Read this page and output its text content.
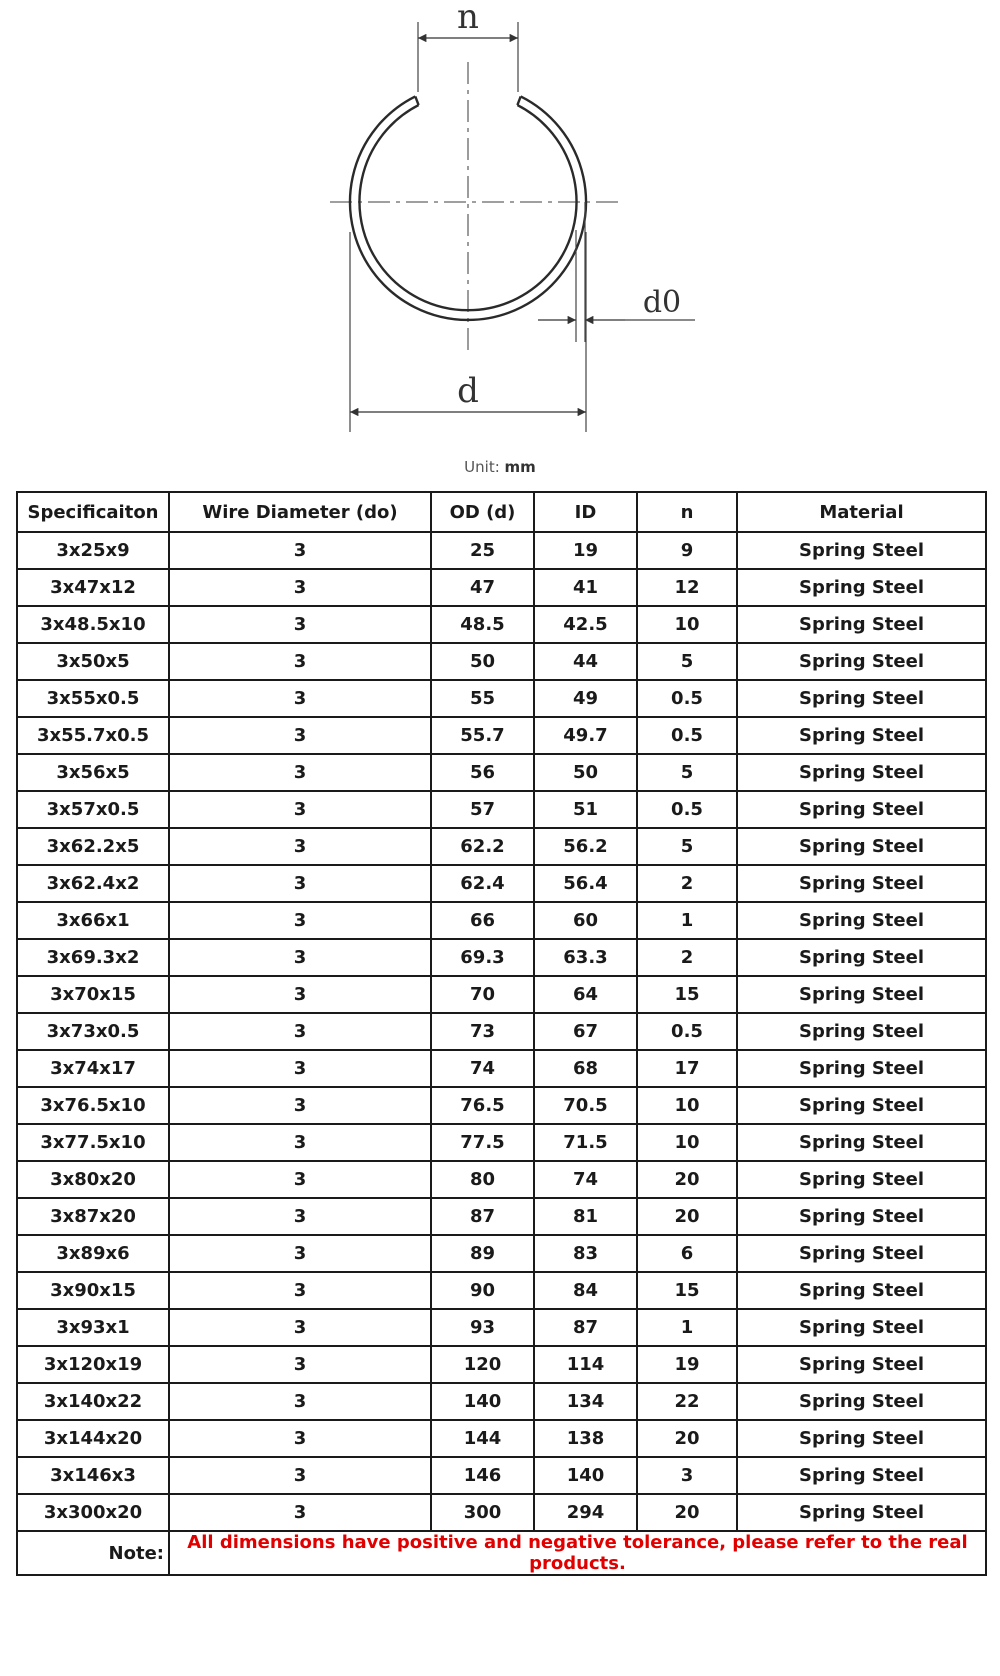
n
d0
d
Unit: mm
Specificaiton	Wire Diameter (do)	OD (d)	ID	n	Material
3x25x9	3	25	19	9	Spring Steel
3x47x12	3	47	41	12	Spring Steel
3x48.5x10	3	48.5	42.5	10	Spring Steel
3x50x5	3	50	44	5	Spring Steel
3x55x0.5	3	55	49	0.5	Spring Steel
3x55.7x0.5	3	55.7	49.7	0.5	Spring Steel
3x56x5	3	56	50	5	Spring Steel
3x57x0.5	3	57	51	0.5	Spring Steel
3x62.2x5	3	62.2	56.2	5	Spring Steel
3x62.4x2	3	62.4	56.4	2	Spring Steel
3x66x1	3	66	60	1	Spring Steel
3x69.3x2	3	69.3	63.3	2	Spring Steel
3x70x15	3	70	64	15	Spring Steel
3x73x0.5	3	73	67	0.5	Spring Steel
3x74x17	3	74	68	17	Spring Steel
3x76.5x10	3	76.5	70.5	10	Spring Steel
3x77.5x10	3	77.5	71.5	10	Spring Steel
3x80x20	3	80	74	20	Spring Steel
3x87x20	3	87	81	20	Spring Steel
3x89x6	3	89	83	6	Spring Steel
3x90x15	3	90	84	15	Spring Steel
3x93x1	3	93	87	1	Spring Steel
3x120x19	3	120	114	19	Spring Steel
3x140x22	3	140	134	22	Spring Steel
3x144x20	3	144	138	20	Spring Steel
3x146x3	3	146	140	3	Spring Steel
3x300x20	3	300	294	20	Spring Steel
Note:	All dimensions have positive and negative tolerance, please refer to the real products.				
